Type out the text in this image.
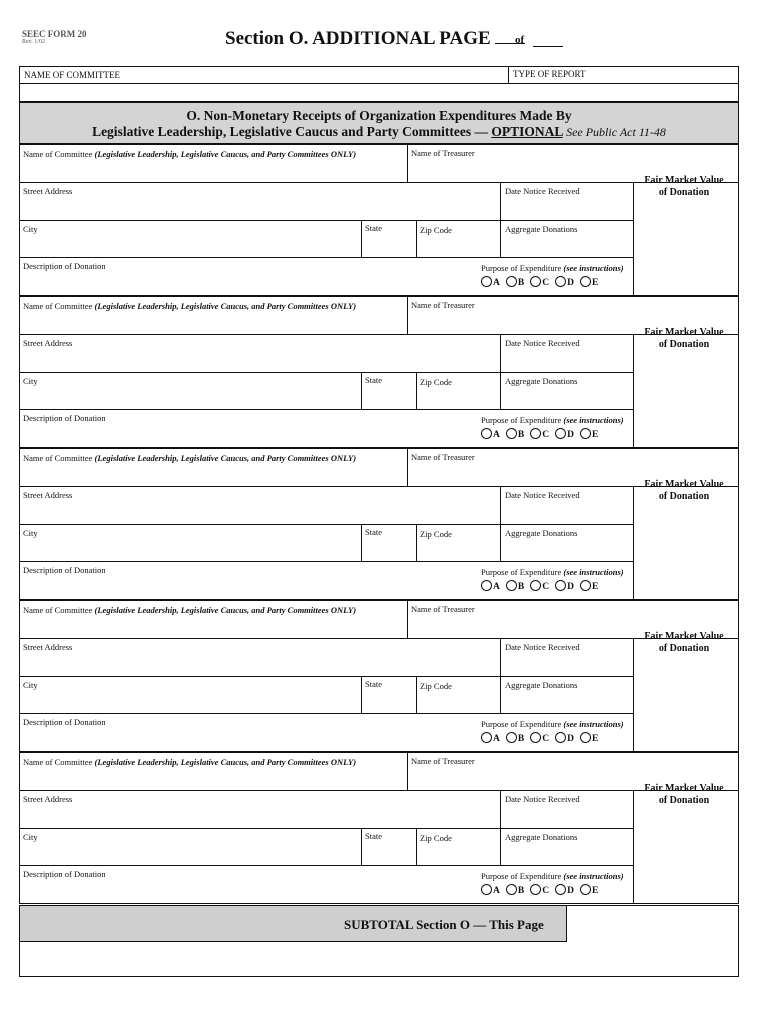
SEEC FORM 20
Rev. 1/02	Section O. ADDITIONAL PAGE	of
NAME OF COMMITTEE	TYPE OF REPORT
O. Non-Monetary Receipts of Organization Expenditures Made By
Legislative Leadership, Legislative Caucus and Party Committees — OPTIONAL See Public Act 11-48
Name of Committee (Legislative Leadership, Legislative Caucus, and Party Committees ONLY)	Name of Treasurer
Street Address	Date Notice Received
Fair Market Value
of Donation
City	State	Zip Code	Aggregate Donations
Description of Donation	Purpose of Expenditure (see instructions)
A B C D E
Name of Committee (Legislative Leadership, Legislative Caucus, and Party Committees ONLY)	Name of Treasurer
Street Address	Date Notice Received
Fair Market Value
of Donation
City	State	Zip Code	Aggregate Donations
Description of Donation	Purpose of Expenditure (see instructions)
A B C D E
Name of Committee (Legislative Leadership, Legislative Caucus, and Party Committees ONLY)	Name of Treasurer
Street Address	Date Notice Received
Fair Market Value
of Donation
City	State	Zip Code	Aggregate Donations
Description of Donation	Purpose of Expenditure (see instructions)
A B C D E
Name of Committee (Legislative Leadership, Legislative Caucus, and Party Committees ONLY)	Name of Treasurer
Street Address	Date Notice Received
Fair Market Value
of Donation
City	State	Zip Code	Aggregate Donations
Description of Donation	Purpose of Expenditure (see instructions)
A B C D E
Name of Committee (Legislative Leadership, Legislative Caucus, and Party Committees ONLY)	Name of Treasurer
Street Address	Date Notice Received
Fair Market Value
of Donation
City	State	Zip Code	Aggregate Donations
Description of Donation	Purpose of Expenditure (see instructions)
A B C D E
SUBTOTAL Section O — This Page
